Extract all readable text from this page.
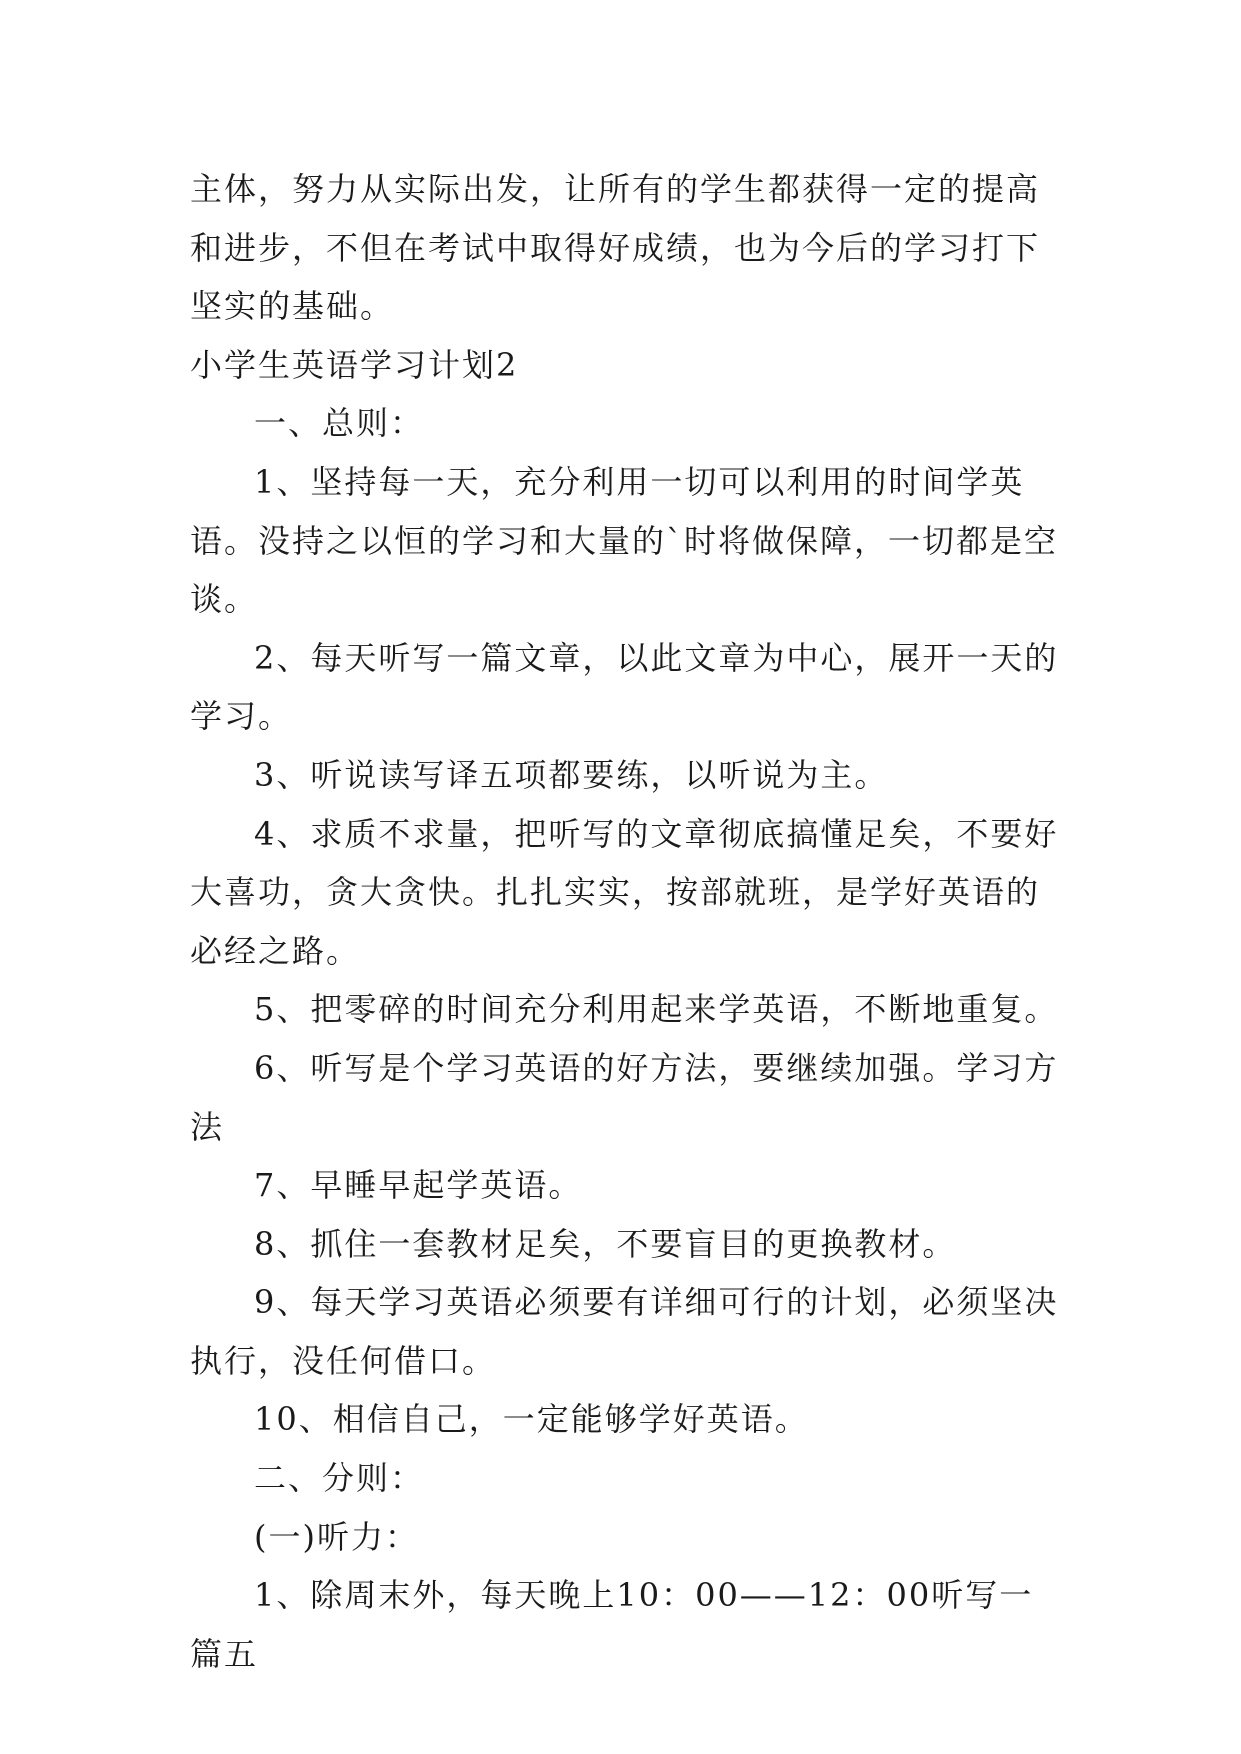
主体，努力从实际出发，让所有的学生都获得一定的提高和进步，不但在考试中取得好成绩，也为今后的学习打下坚实的基础。

小学生英语学习计划2

一、总则：

1、坚持每一天，充分利用一切可以利用的时间学英语。没持之以恒的学习和大量的`时将做保障，一切都是空谈。

2、每天听写一篇文章，以此文章为中心，展开一天的学习。

3、听说读写译五项都要练，以听说为主。

4、求质不求量，把听写的文章彻底搞懂足矣，不要好大喜功，贪大贪快。扎扎实实，按部就班，是学好英语的必经之路。

5、把零碎的时间充分利用起来学英语，不断地重复。

6、听写是个学习英语的好方法，要继续加强。学习方法

7、早睡早起学英语。

8、抓住一套教材足矣，不要盲目的更换教材。

9、每天学习英语必须要有详细可行的计划，必须坚决执行，没任何借口。

10、相信自己，一定能够学好英语。

二、分则：

(一)听力：

1、除周末外，每天晚上10：00——12：00听写一篇五
